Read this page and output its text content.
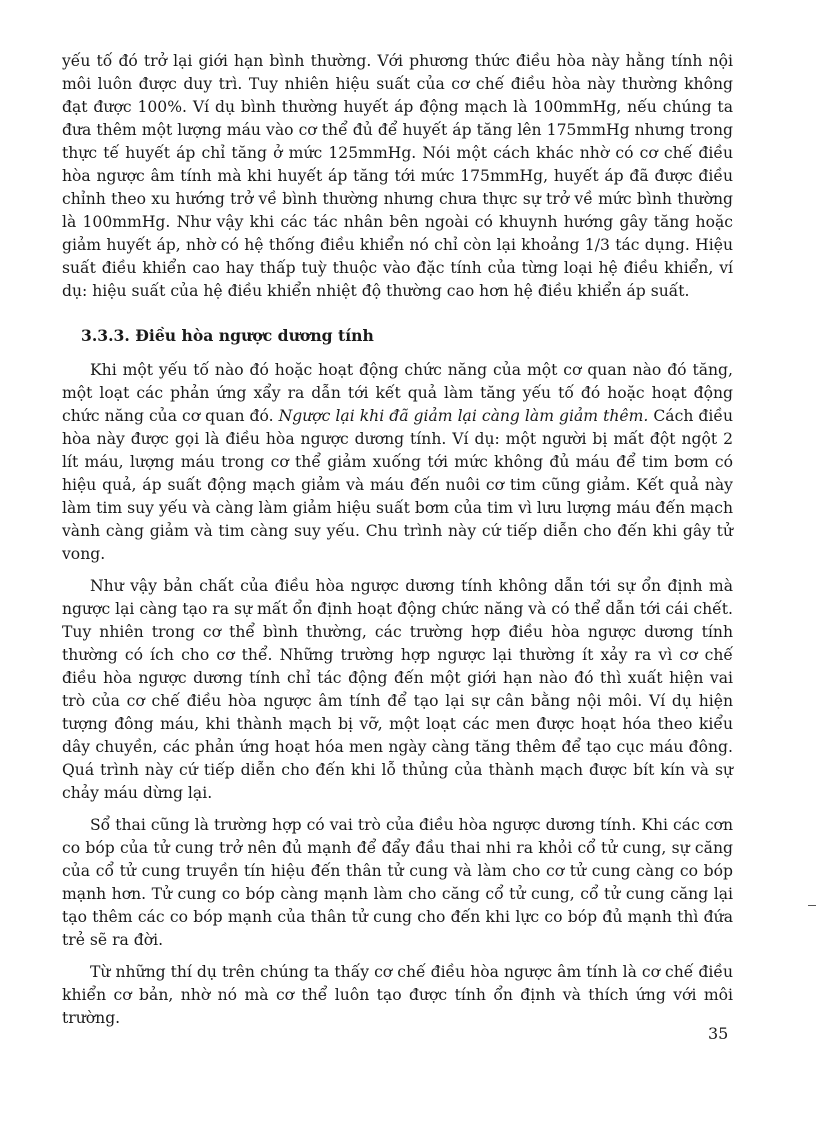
yếu tố đó trở lại giới hạn bình thường. Với phương thức điều hòa này hằng tính nội môi luôn được duy trì. Tuy nhiên hiệu suất của cơ chế điều hòa này thường không đạt được 100%. Ví dụ bình thường huyết áp động mạch là 100mmHg, nếu chúng ta đưa thêm một lượng máu vào cơ thể đủ để huyết áp tăng lên 175mmHg nhưng trong thực tế huyết áp chỉ tăng ở mức 125mmHg. Nói một cách khác nhờ có cơ chế điều hòa ngược âm tính mà khi huyết áp tăng tới mức 175mmHg, huyết áp đã được điều chỉnh theo xu hướng trở về bình thường nhưng chưa thực sự trở về mức bình thường là 100mmHg. Như vậy khi các tác nhân bên ngoài có khuynh hướng gây tăng hoặc giảm huyết áp, nhờ có hệ thống điều khiển nó chỉ còn lại khoảng 1/3 tác dụng. Hiệu suất điều khiển cao hay thấp tuỳ thuộc vào đặc tính của từng loại hệ điều khiển, ví dụ: hiệu suất của hệ điều khiển nhiệt độ thường cao hơn hệ điều khiển áp suất.

3.3.3. Điều hòa ngược dương tính

Khi một yếu tố nào đó hoặc hoạt động chức năng của một cơ quan nào đó tăng, một loạt các phản ứng xẩy ra dẫn tới kết quả làm tăng yếu tố đó hoặc hoạt động chức năng của cơ quan đó. Ngược lại khi đã giảm lại càng làm giảm thêm. Cách điều hòa này được gọi là điều hòa ngược dương tính. Ví dụ: một người bị mất đột ngột 2 lít máu, lượng máu trong cơ thể giảm xuống tới mức không đủ máu để tim bơm có hiệu quả, áp suất động mạch giảm và máu đến nuôi cơ tim cũng giảm. Kết quả này làm tim suy yếu và càng làm giảm hiệu suất bơm của tim vì lưu lượng máu đến mạch vành càng giảm và tim càng suy yếu. Chu trình này cứ tiếp diễn cho đến khi gây tử vong.

Như vậy bản chất của điều hòa ngược dương tính không dẫn tới sự ổn định mà ngược lại càng tạo ra sự mất ổn định hoạt động chức năng và có thể dẫn tới cái chết. Tuy nhiên trong cơ thể bình thường, các trường hợp điều hòa ngược dương tính thường có ích cho cơ thể. Những trường hợp ngược lại thường ít xảy ra vì cơ chế điều hòa ngược dương tính chỉ tác động đến một giới hạn nào đó thì xuất hiện vai trò của cơ chế điều hòa ngược âm tính để tạo lại sự cân bằng nội môi. Ví dụ hiện tượng đông máu, khi thành mạch bị vỡ, một loạt các men được hoạt hóa theo kiểu dây chuyền, các phản ứng hoạt hóa men ngày càng tăng thêm để tạo cục máu đông. Quá trình này cứ tiếp diễn cho đến khi lỗ thủng của thành mạch được bít kín và sự chảy máu dừng lại.

Sổ thai cũng là trường hợp có vai trò của điều hòa ngược dương tính. Khi các cơn co bóp của tử cung trở nên đủ mạnh để đẩy đầu thai nhi ra khỏi cổ tử cung, sự căng của cổ tử cung truyền tín hiệu đến thân tử cung và làm cho cơ tử cung càng co bóp mạnh hơn. Tử cung co bóp càng mạnh làm cho căng cổ tử cung, cổ tử cung căng lại tạo thêm các co bóp mạnh của thân tử cung cho đến khi lực co bóp đủ mạnh thì đứa trẻ sẽ ra đời.

Từ những thí dụ trên chúng ta thấy cơ chế điều hòa ngược âm tính là cơ chế điều khiển cơ bản, nhờ nó mà cơ thể luôn tạo được tính ổn định và thích ứng với môi trường.

35
